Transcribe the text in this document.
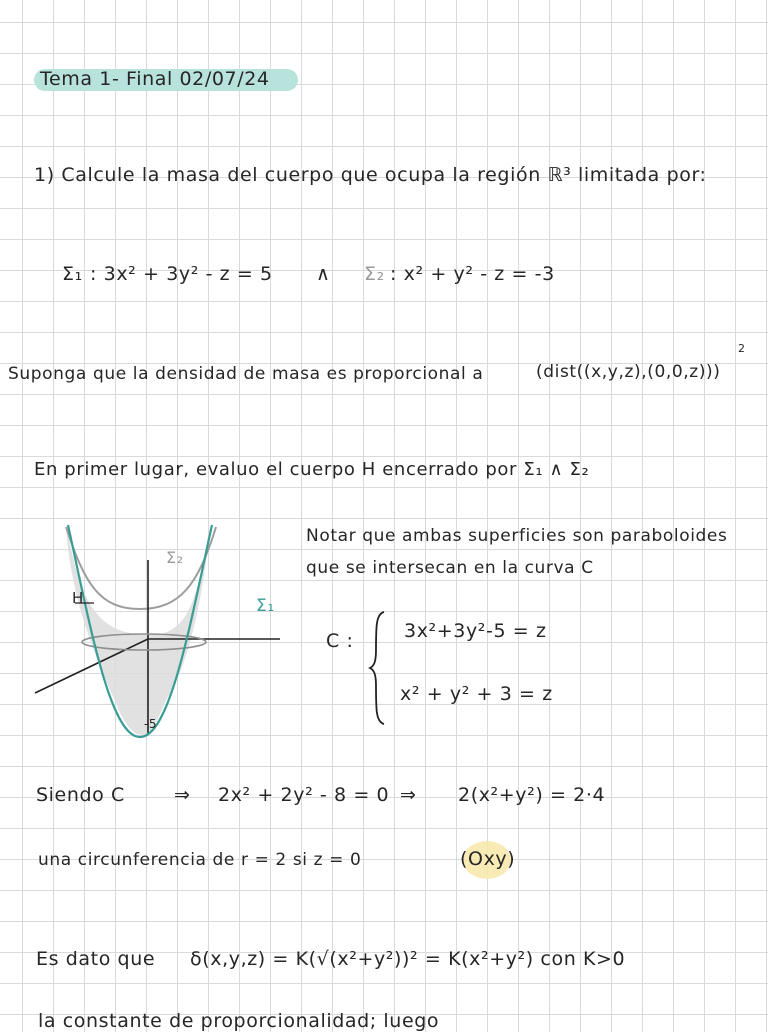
Tema 1- Final 02/07/24
1) Calcule la masa del cuerpo que ocupa la región ℝ³ limitada por:
Σ₁ : 3x² + 3y² - z = 5 ∧ Σ₂ : x² + y² - z = -3
Suponga que la densidad de masa es proporcional a	(dist((x,y,z),(0,0,z)))
2
En primer lugar, evaluo el cuerpo H encerrado por Σ₁ ∧ Σ₂
Σ₂
Σ₁
H
-5
Notar que ambas superficies son paraboloides
que se intersecan en la curva C
C :	3x²+3y²-5 = z
x² + y² + 3 = z
Siendo C	⇒ 2x² + 2y² - 8 = 0 ⇒ 2(x²+y²) = 2·4
una circunferencia de r = 2 si z = 0	(Oxy)
Es dato que δ(x,y,z) = K(√(x²+y²))² = K(x²+y²) con K>0
la constante de proporcionalidad; luego
